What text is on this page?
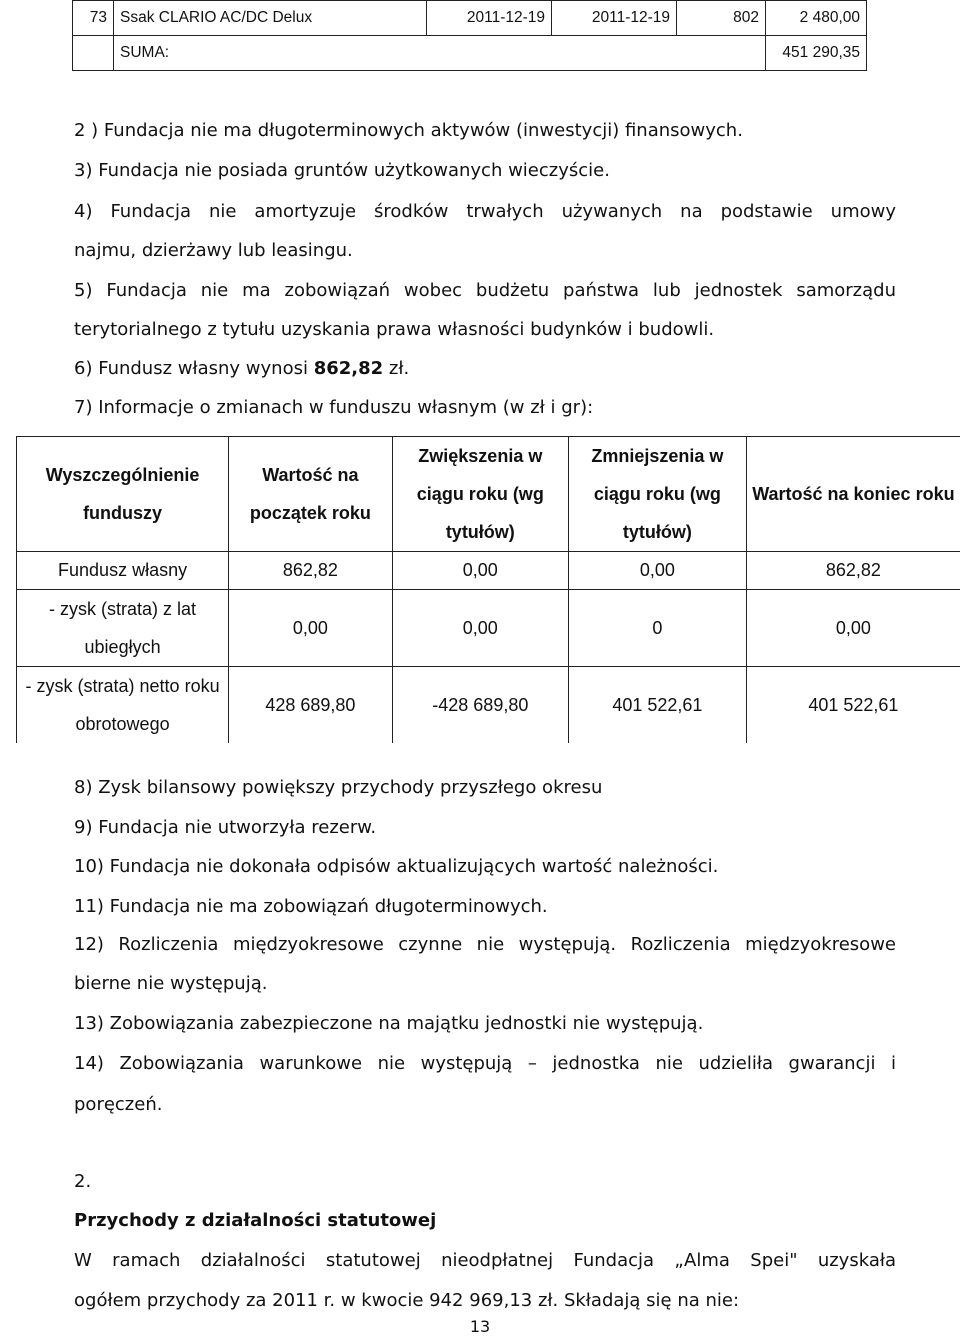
73	Ssak CLARIO AC/DC Delux	2011-12-19	2011-12-19	802	2 480,00
	SUMA:				451 290,35

2 ) Fundacja nie ma długoterminowych aktywów (inwestycji) finansowych.

3) Fundacja nie posiada gruntów użytkowanych wieczyście.

4) Fundacja nie amortyzuje środków trwałych używanych na podstawie umowy

najmu, dzierżawy lub leasingu.

5) Fundacja nie ma zobowiązań wobec budżetu państwa lub jednostek samorządu

terytorialnego z tytułu uzyskania prawa własności budynków i budowli.

6) Fundusz własny wynosi 862,82 zł.

7) Informacje o zmianach w funduszu własnym (w zł i gr):

Wyszczególnienie funduszy	Wartość na początek roku	Zwiększenia w ciągu roku (wg tytułów)	Zmniejszenia w ciągu roku (wg tytułów)	Wartość na koniec roku
Fundusz własny	862,82	0,00	0,00	862,82
- zysk (strata) z lat ubiegłych	0,00	0,00	0	0,00
- zysk (strata) netto roku obrotowego	428 689,80	-428 689,80	401 522,61	401 522,61

8) Zysk bilansowy powiększy przychody przyszłego okresu

9) Fundacja nie utworzyła rezerw.

10) Fundacja nie dokonała odpisów aktualizujących wartość należności.

11) Fundacja nie ma zobowiązań długoterminowych.

12) Rozliczenia międzyokresowe czynne nie występują. Rozliczenia międzyokresowe

bierne nie występują.

13) Zobowiązania zabezpieczone na majątku jednostki nie występują.

14) Zobowiązania warunkowe nie występują – jednostka nie udzieliła gwarancji i

poręczeń.

2.

Przychody z działalności statutowej

W ramach działalności statutowej nieodpłatnej Fundacja „Alma Spei" uzyskała

ogółem przychody za 2011 r. w kwocie 942 969,13 zł. Składają się na nie:

13
